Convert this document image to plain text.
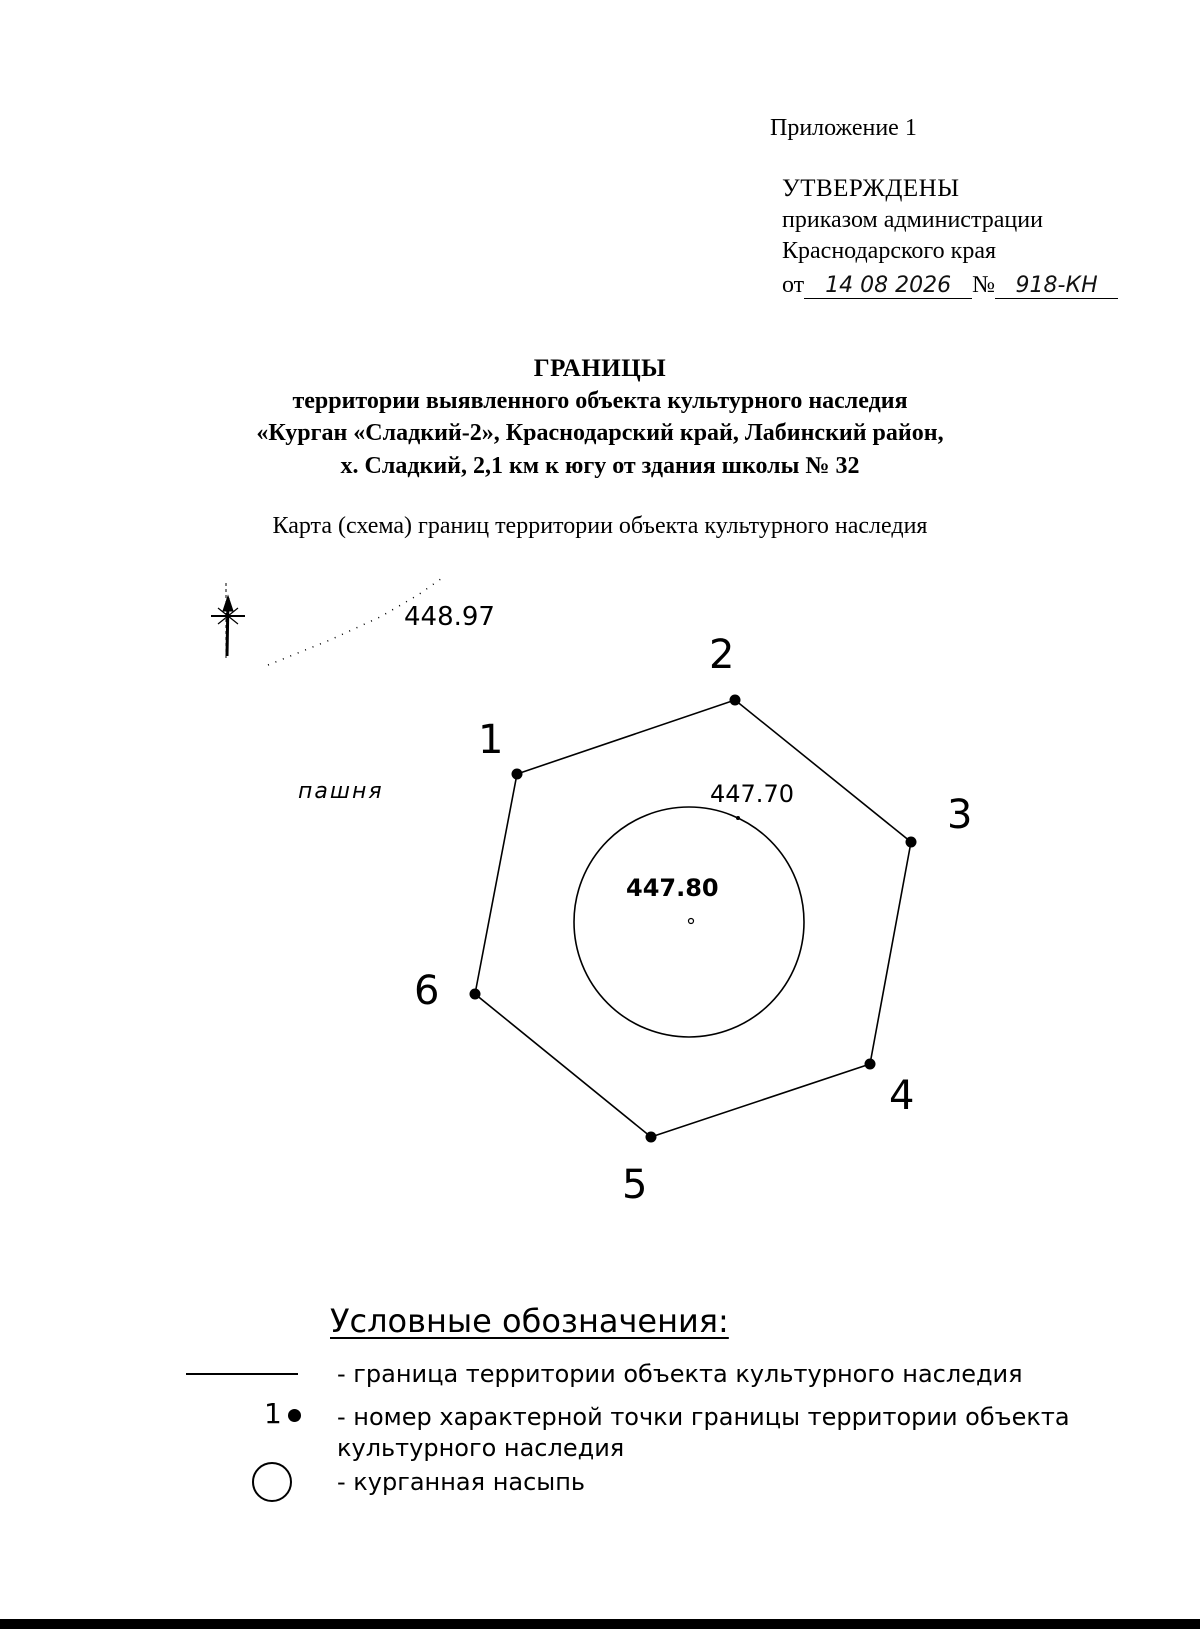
Приложение 1
УТВЕРЖДЕНЫ
приказом администрации
Краснодарского края
от 14 08 2026 № 918-КН
ГРАНИЦЫ
территории выявленного объекта культурного наследия
«Курган «Сладкий-2», Краснодарский край, Лабинский район,
х. Сладкий, 2,1 км к югу от здания школы № 32
Карта (схема) границ территории объекта культурного наследия
448.97
пашня	447.70
447.80
1
2
3
4
5
6
Условные обозначения:
- граница территории объекта культурного наследия
1 - номер характерной точки границы территории объекта
культурного наследия
- курганная насыпь
